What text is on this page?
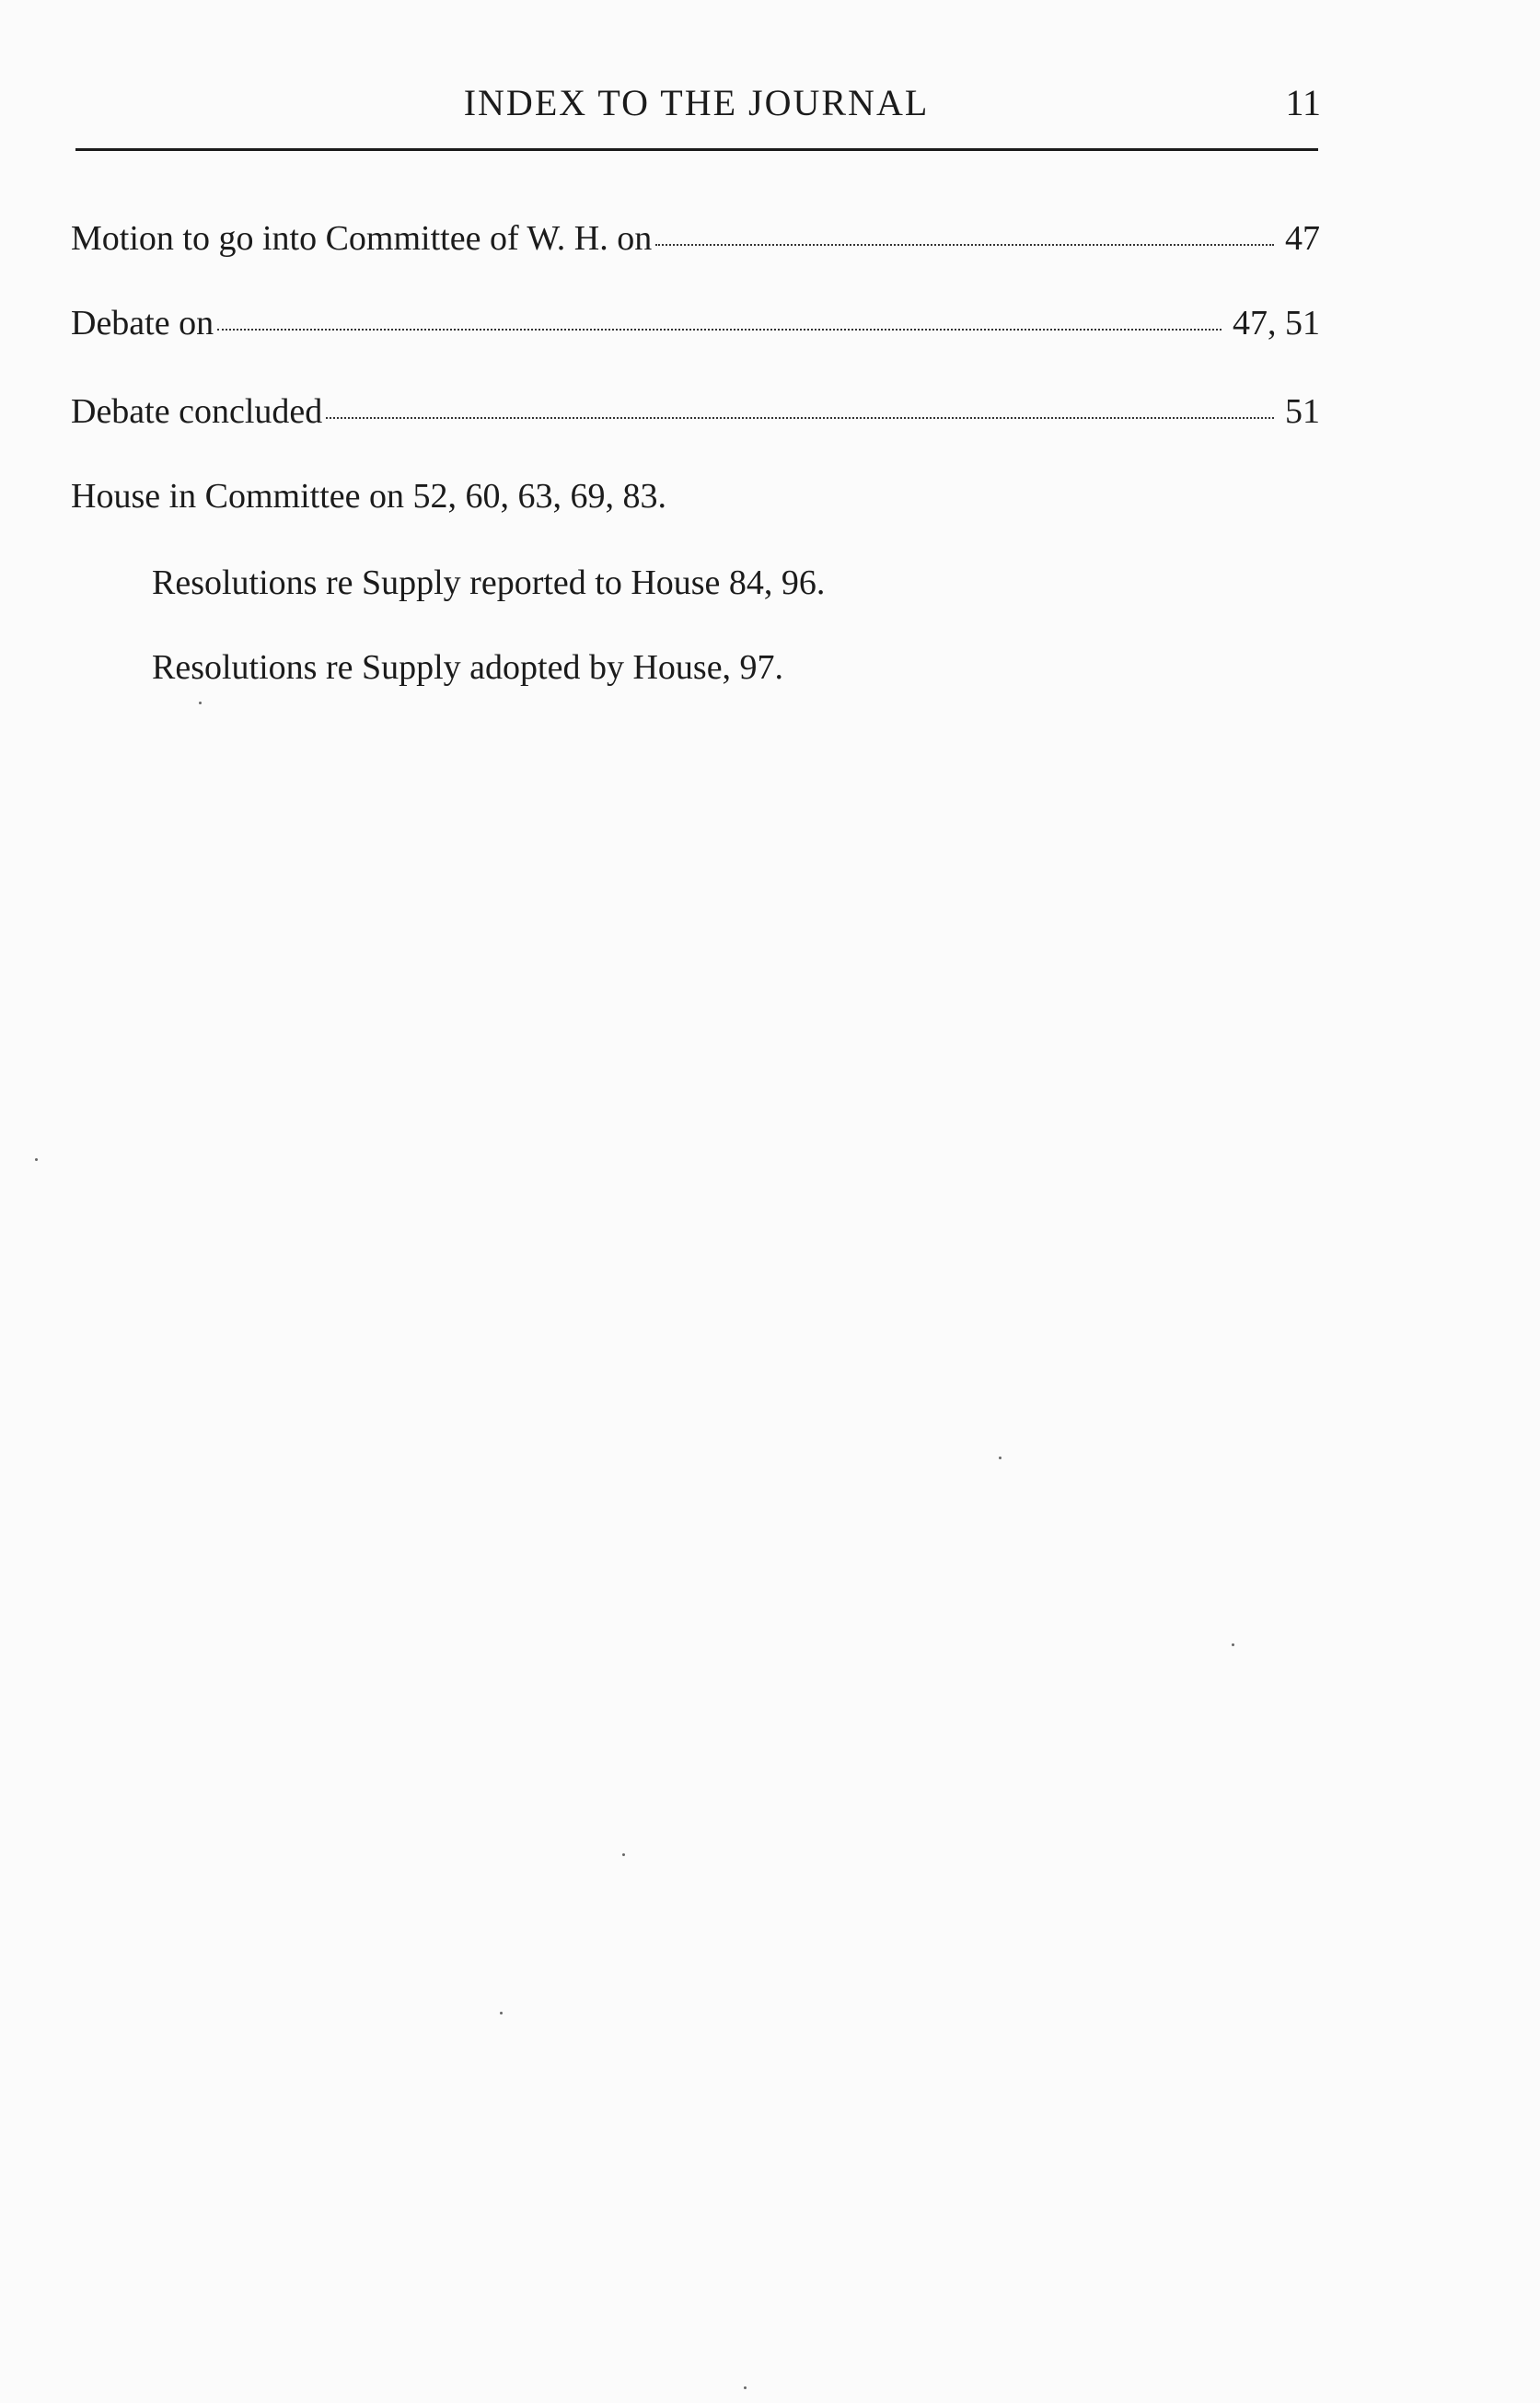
INDEX TO THE JOURNAL	11
Motion to go into Committee of W. H. on	47
Debate on	47, 51
Debate concluded	51
House in Committee on 52, 60, 63, 69, 83.
Resolutions re Supply reported to House 84, 96.
Resolutions re Supply adopted by House, 97.
